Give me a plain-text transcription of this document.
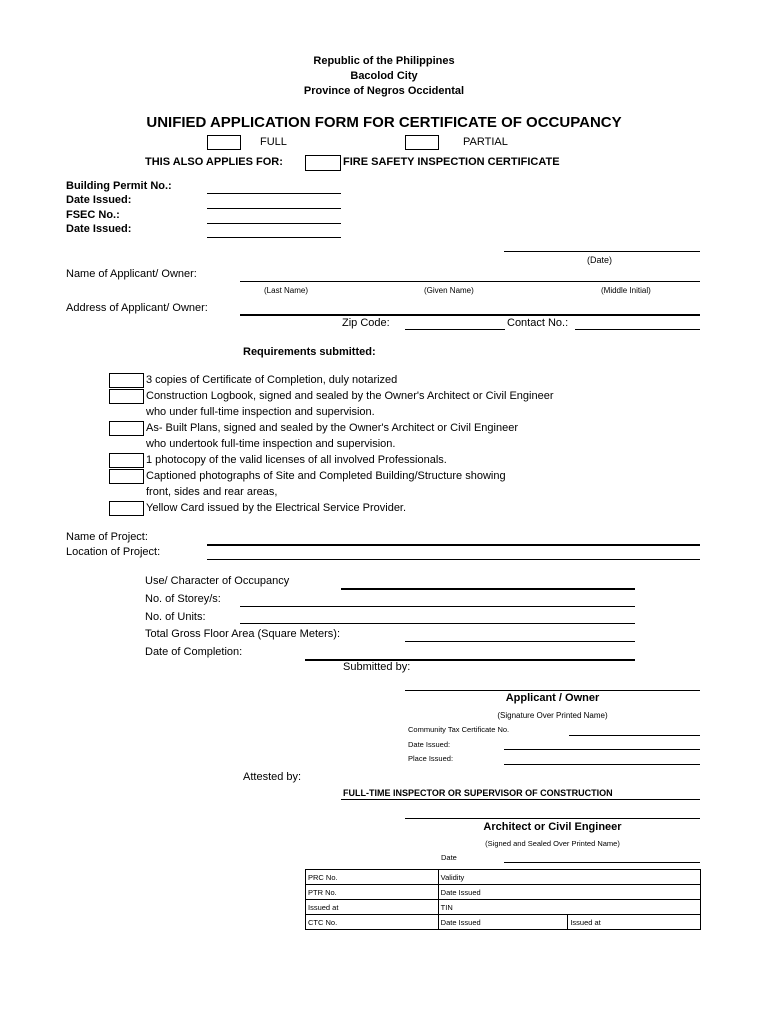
Republic of the Philippines
Bacolod City
Province of Negros Occidental
UNIFIED APPLICATION FORM FOR CERTIFICATE OF OCCUPANCY
FULL	PARTIAL
THIS ALSO APPLIES FOR:	FIRE SAFETY INSPECTION CERTIFICATE
Building Permit No.:
Date Issued:
FSEC No.:
Date Issued:
(Date)
Name of Applicant/ Owner:
(Last Name)	(Given Name)	(Middle Initial)
Address of Applicant/ Owner:
Zip Code:	Contact No.:
Requirements submitted:
3 copies of Certificate of Completion, duly notarized
Construction Logbook, signed and sealed by the Owner's Architect or Civil Engineer
who under full-time inspection and supervision.
As- Built Plans, signed and sealed by the Owner's Architect or Civil Engineer
who undertook full-time inspection and supervision.
1 photocopy of the valid licenses of all involved Professionals.
Captioned photographs of Site and Completed Building/Structure showing
front, sides and rear areas,
Yellow Card issued by the Electrical Service Provider.
Name of Project:
Location of Project:
Use/ Character of Occupancy
No. of Storey/s:
No. of Units:
Total Gross Floor Area (Square Meters):
Date of Completion:
Submitted by:
Applicant / Owner
(Signature Over Printed Name)
Community Tax Certificate No.
Date Issued:
Place Issued:
Attested by:
FULL-TIME INSPECTOR OR SUPERVISOR OF CONSTRUCTION
Architect or Civil Engineer
(Signed and Sealed Over Printed Name)
Date
PRC No.	Validity	
PTR No.	Date Issued	
Issued at	TIN	
CTC No.	Date Issued	Issued at
